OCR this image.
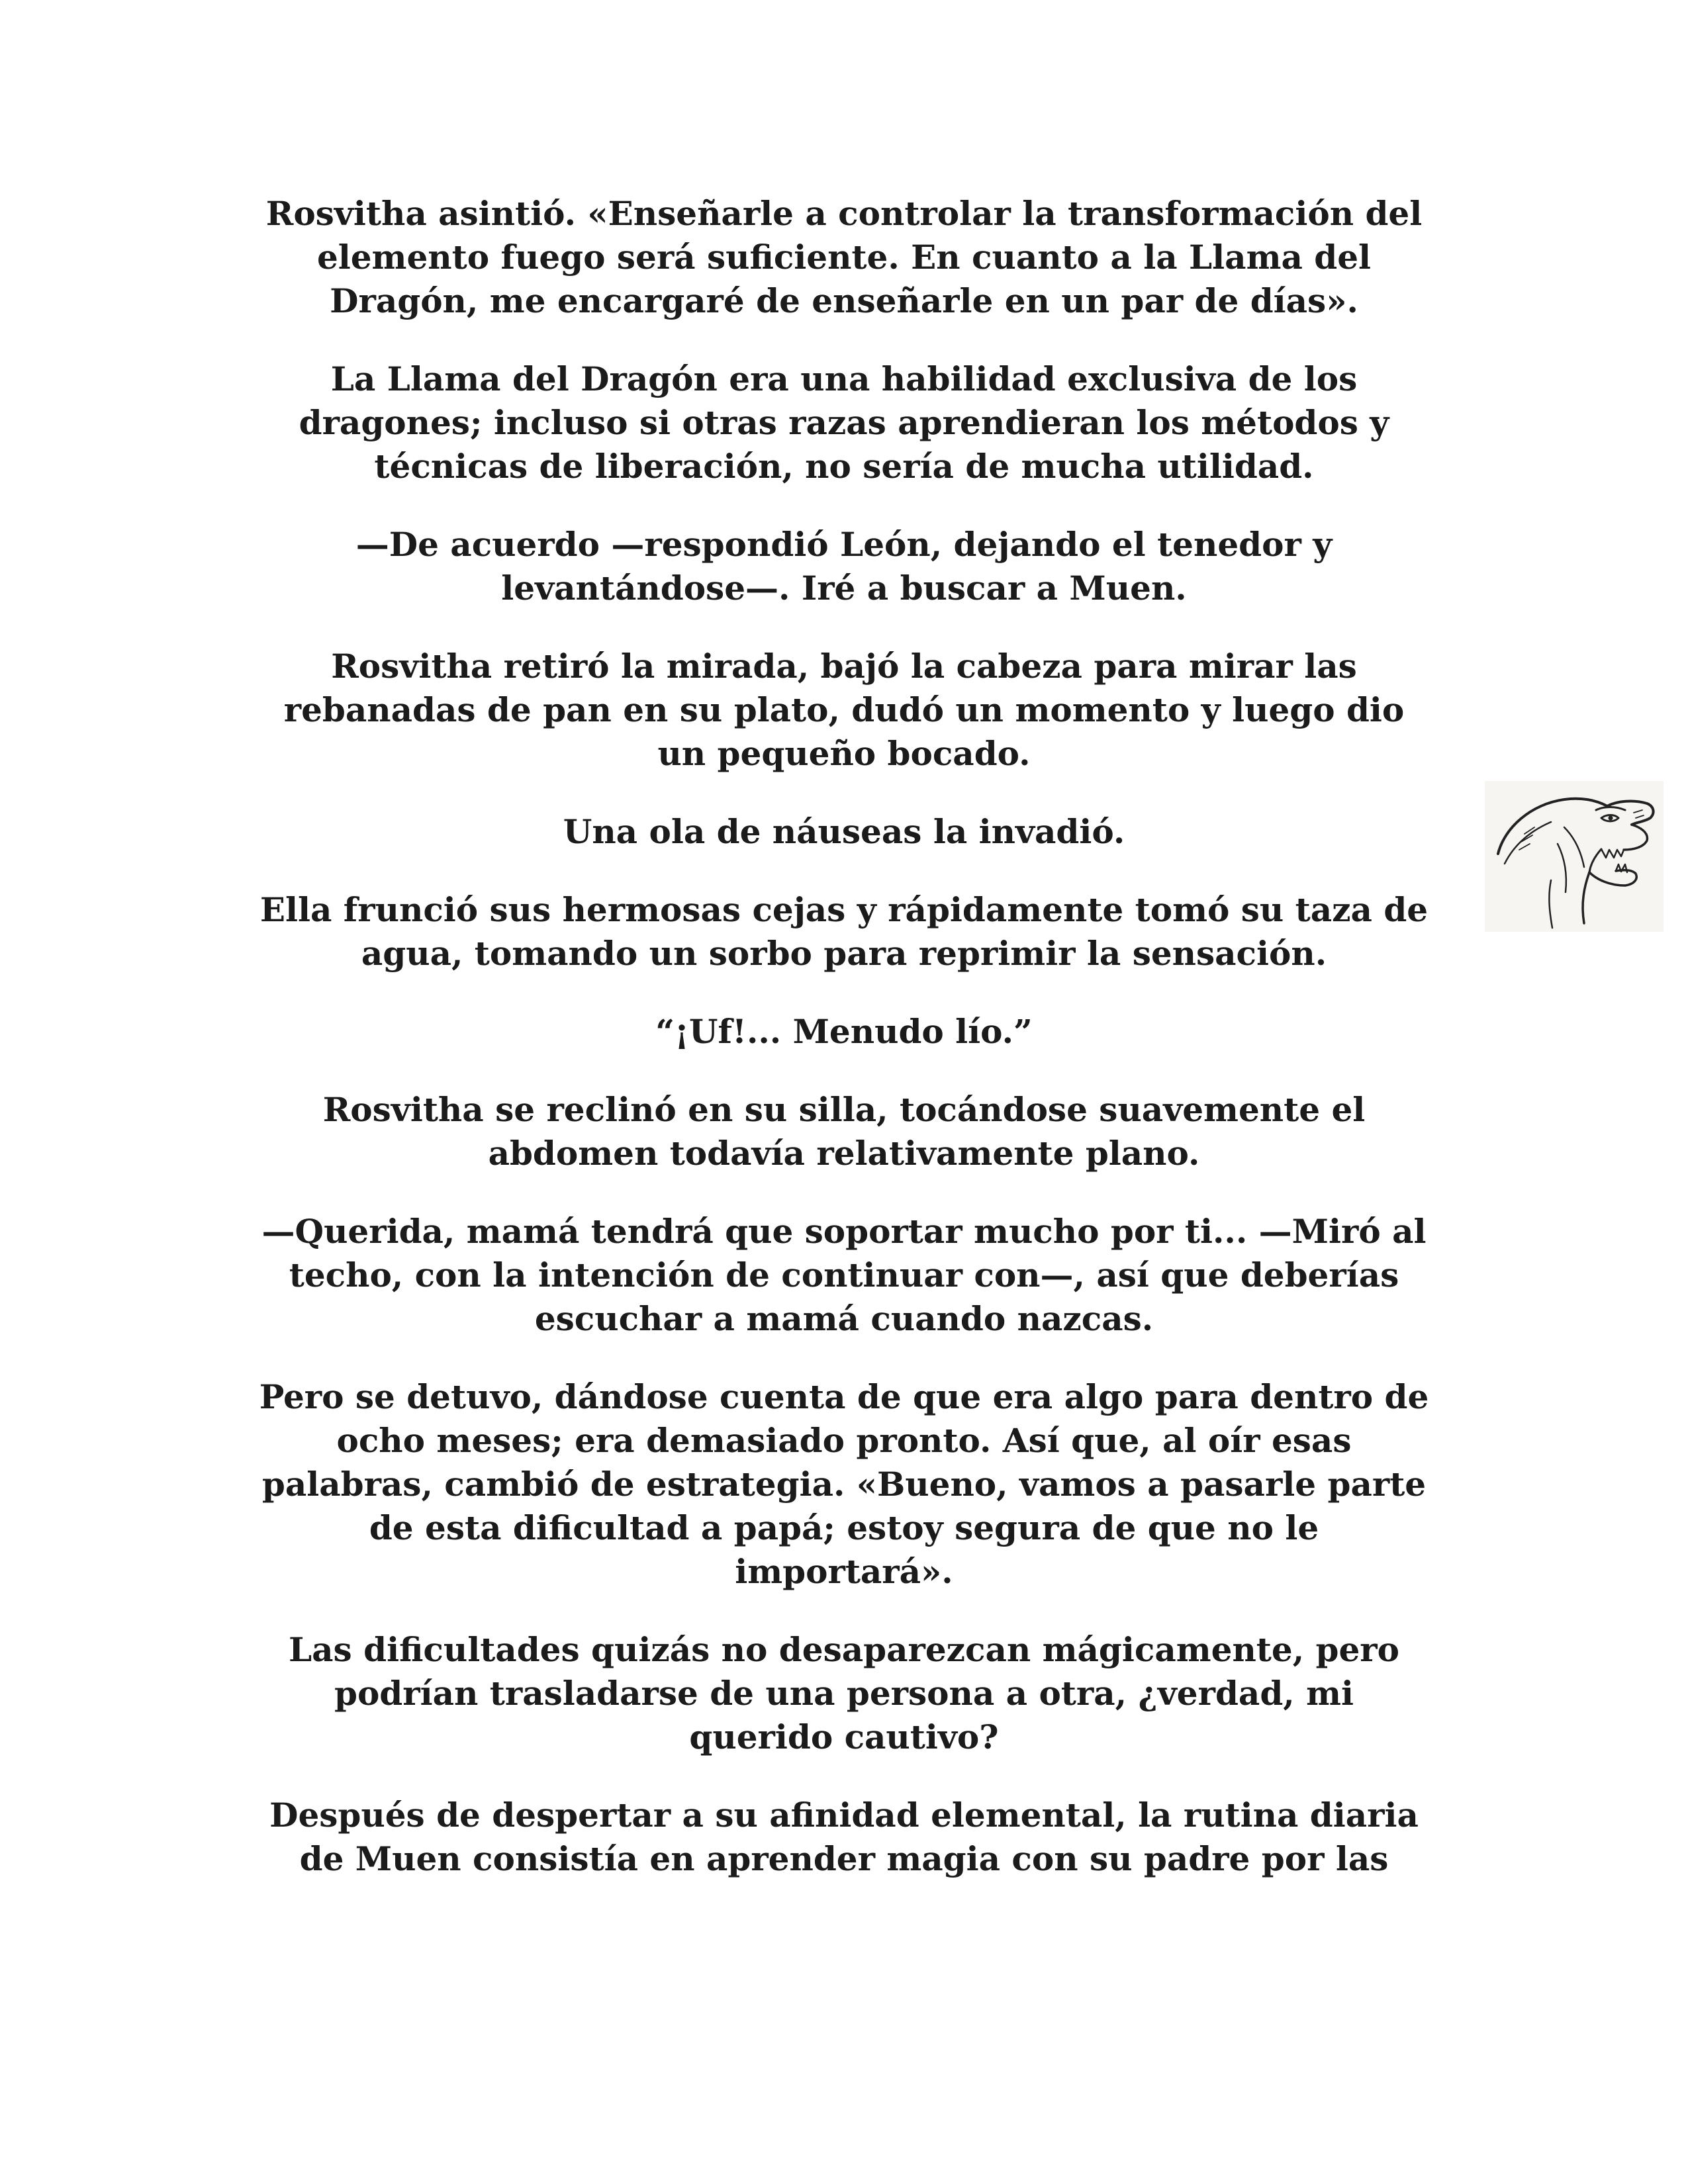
Rosvitha asintió. «Enseñarle a controlar la transformación del
elemento fuego será suficiente. En cuanto a la Llama del
Dragón, me encargaré de enseñarle en un par de días».

La Llama del Dragón era una habilidad exclusiva de los
dragones; incluso si otras razas aprendieran los métodos y
técnicas de liberación, no sería de mucha utilidad.

—De acuerdo —respondió León, dejando el tenedor y
levantándose—. Iré a buscar a Muen.

Rosvitha retiró la mirada, bajó la cabeza para mirar las
rebanadas de pan en su plato, dudó un momento y luego dio
un pequeño bocado.

Una ola de náuseas la invadió.

Ella frunció sus hermosas cejas y rápidamente tomó su taza de
agua, tomando un sorbo para reprimir la sensación.

“¡Uf!... Menudo lío.”

Rosvitha se reclinó en su silla, tocándose suavemente el
abdomen todavía relativamente plano.

—Querida, mamá tendrá que soportar mucho por ti... —Miró al
techo, con la intención de continuar con—, así que deberías
escuchar a mamá cuando nazcas.

Pero se detuvo, dándose cuenta de que era algo para dentro de
ocho meses; era demasiado pronto. Así que, al oír esas
palabras, cambió de estrategia. «Bueno, vamos a pasarle parte
de esta dificultad a papá; estoy segura de que no le
importará».

Las dificultades quizás no desaparezcan mágicamente, pero
podrían trasladarse de una persona a otra, ¿verdad, mi
querido cautivo?

Después de despertar a su afinidad elemental, la rutina diaria
de Muen consistía en aprender magia con su padre por las
